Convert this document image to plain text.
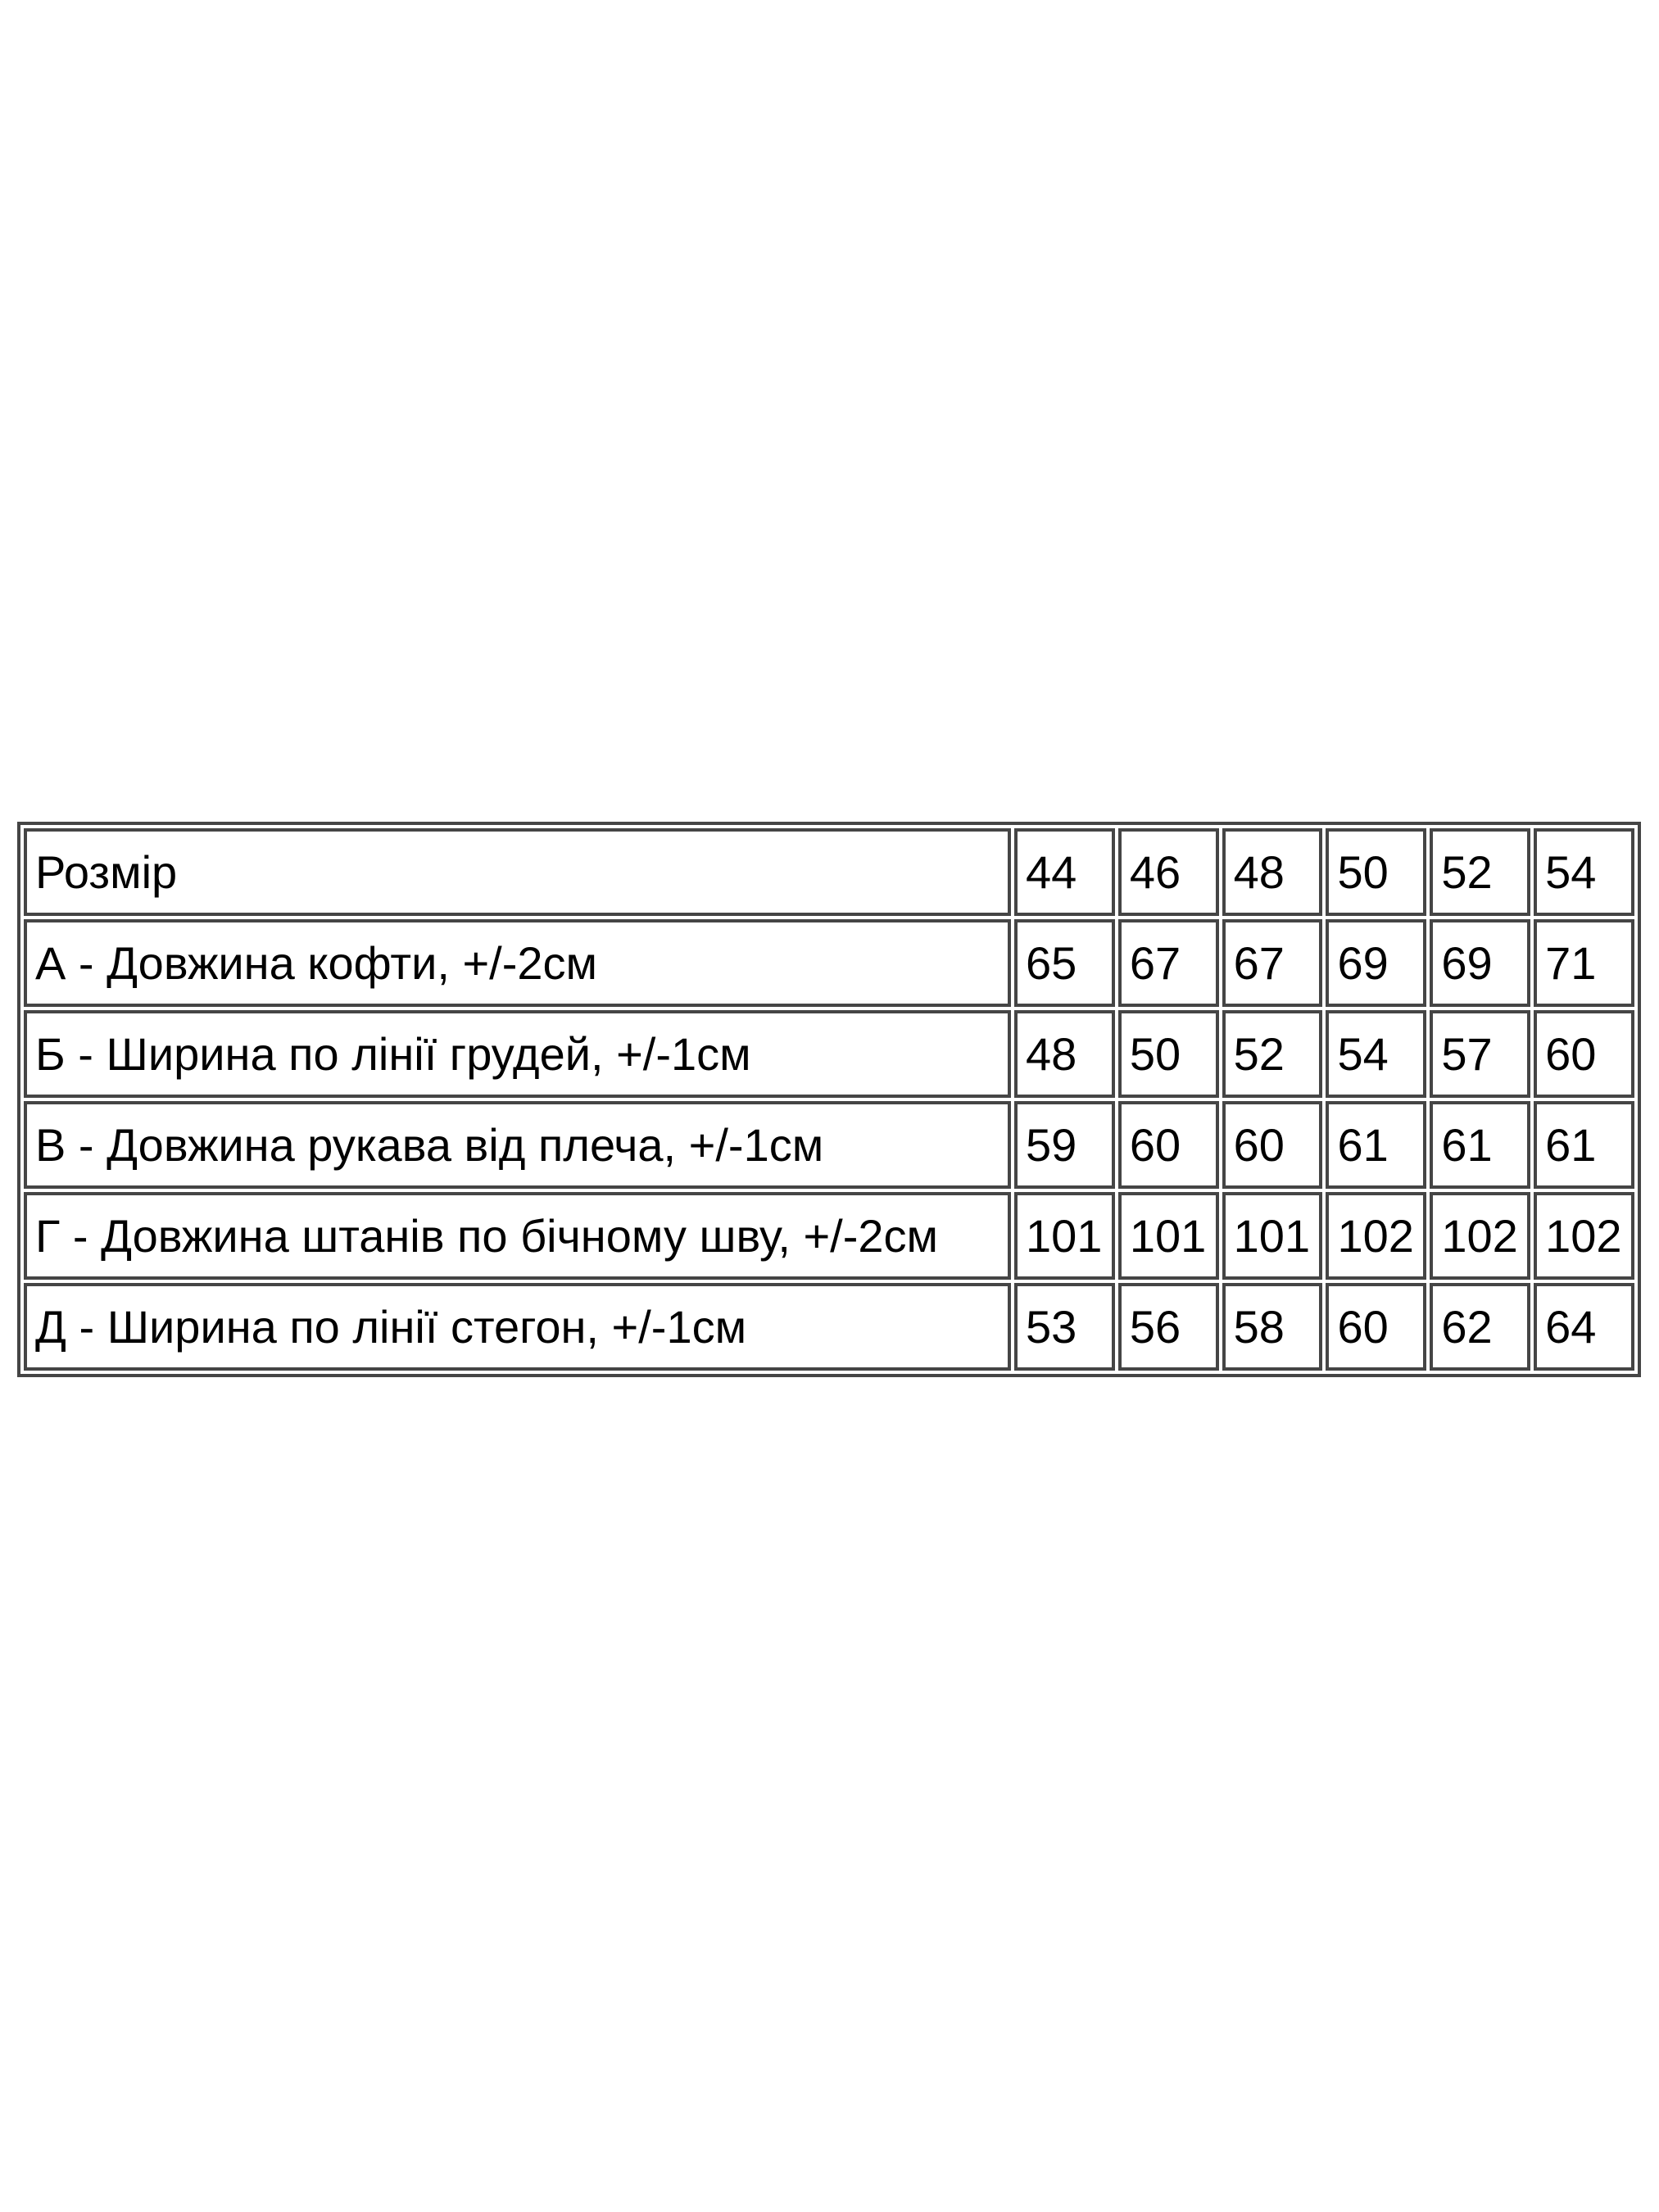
Розмір	44	46	48	50	52	54
А - Довжина кофти, +/-2см	65	67	67	69	69	71
Б - Ширина по лінії грудей, +/-1см	48	50	52	54	57	60
В - Довжина рукава від плеча, +/-1см	59	60	60	61	61	61
Г - Довжина штанів по бічному шву, +/-2см	101	101	101	102	102	102
Д - Ширина по лінії стегон, +/-1см	53	56	58	60	62	64
